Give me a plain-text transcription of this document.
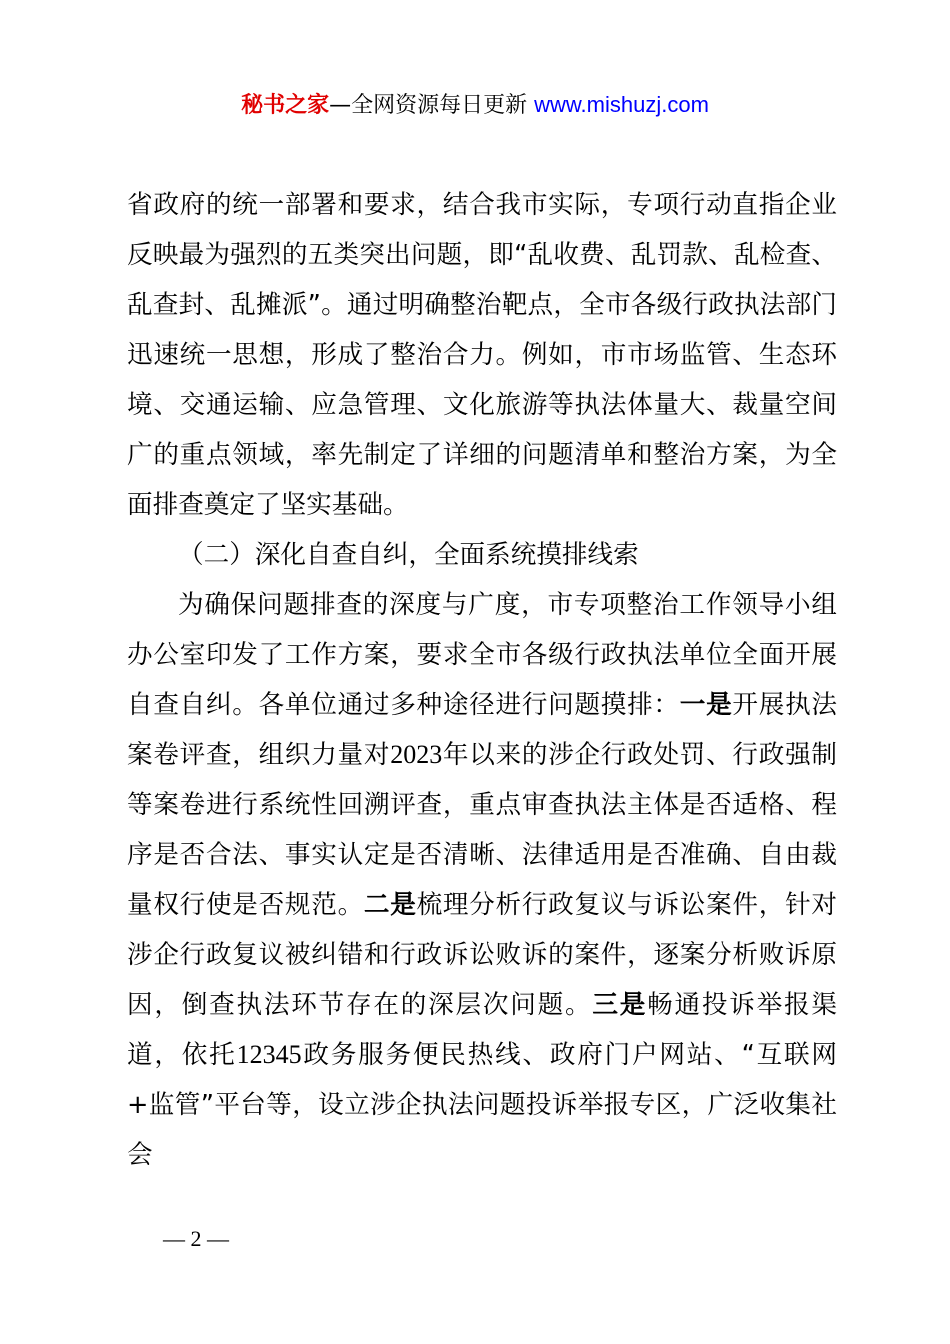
秘书之家—全网资源每日更新 www.mishuzj.com

省政府的统一部署和要求，结合我市实际，专项行动直指企业反映最为强烈的五类突出问题，即“乱收费、乱罚款、乱检查、乱查封、乱摊派”。通过明确整治靶点，全市各级行政执法部门迅速统一思想，形成了整治合力。例如，市市场监管、生态环境、交通运输、应急管理、文化旅游等执法体量大、裁量空间广的重点领域，率先制定了详细的问题清单和整治方案，为全面排查奠定了坚实基础。

（二）深化自查自纠，全面系统摸排线索

为确保问题排查的深度与广度，市专项整治工作领导小组办公室印发了工作方案，要求全市各级行政执法单位全面开展自查自纠。各单位通过多种途径进行问题摸排：一是开展执法案卷评查，组织力量对2023年以来的涉企行政处罚、行政强制等案卷进行系统性回溯评查，重点审查执法主体是否适格、程序是否合法、事实认定是否清晰、法律适用是否准确、自由裁量权行使是否规范。二是梳理分析行政复议与诉讼案件，针对涉企行政复议被纠错和行政诉讼败诉的案件，逐案分析败诉原因，倒查执法环节存在的深层次问题。三是畅通投诉举报渠道，依托12345政务服务便民热线、政府门户网站、“互联网+监管”平台等，设立涉企执法问题投诉举报专区，广泛收集社会

— 2 —
